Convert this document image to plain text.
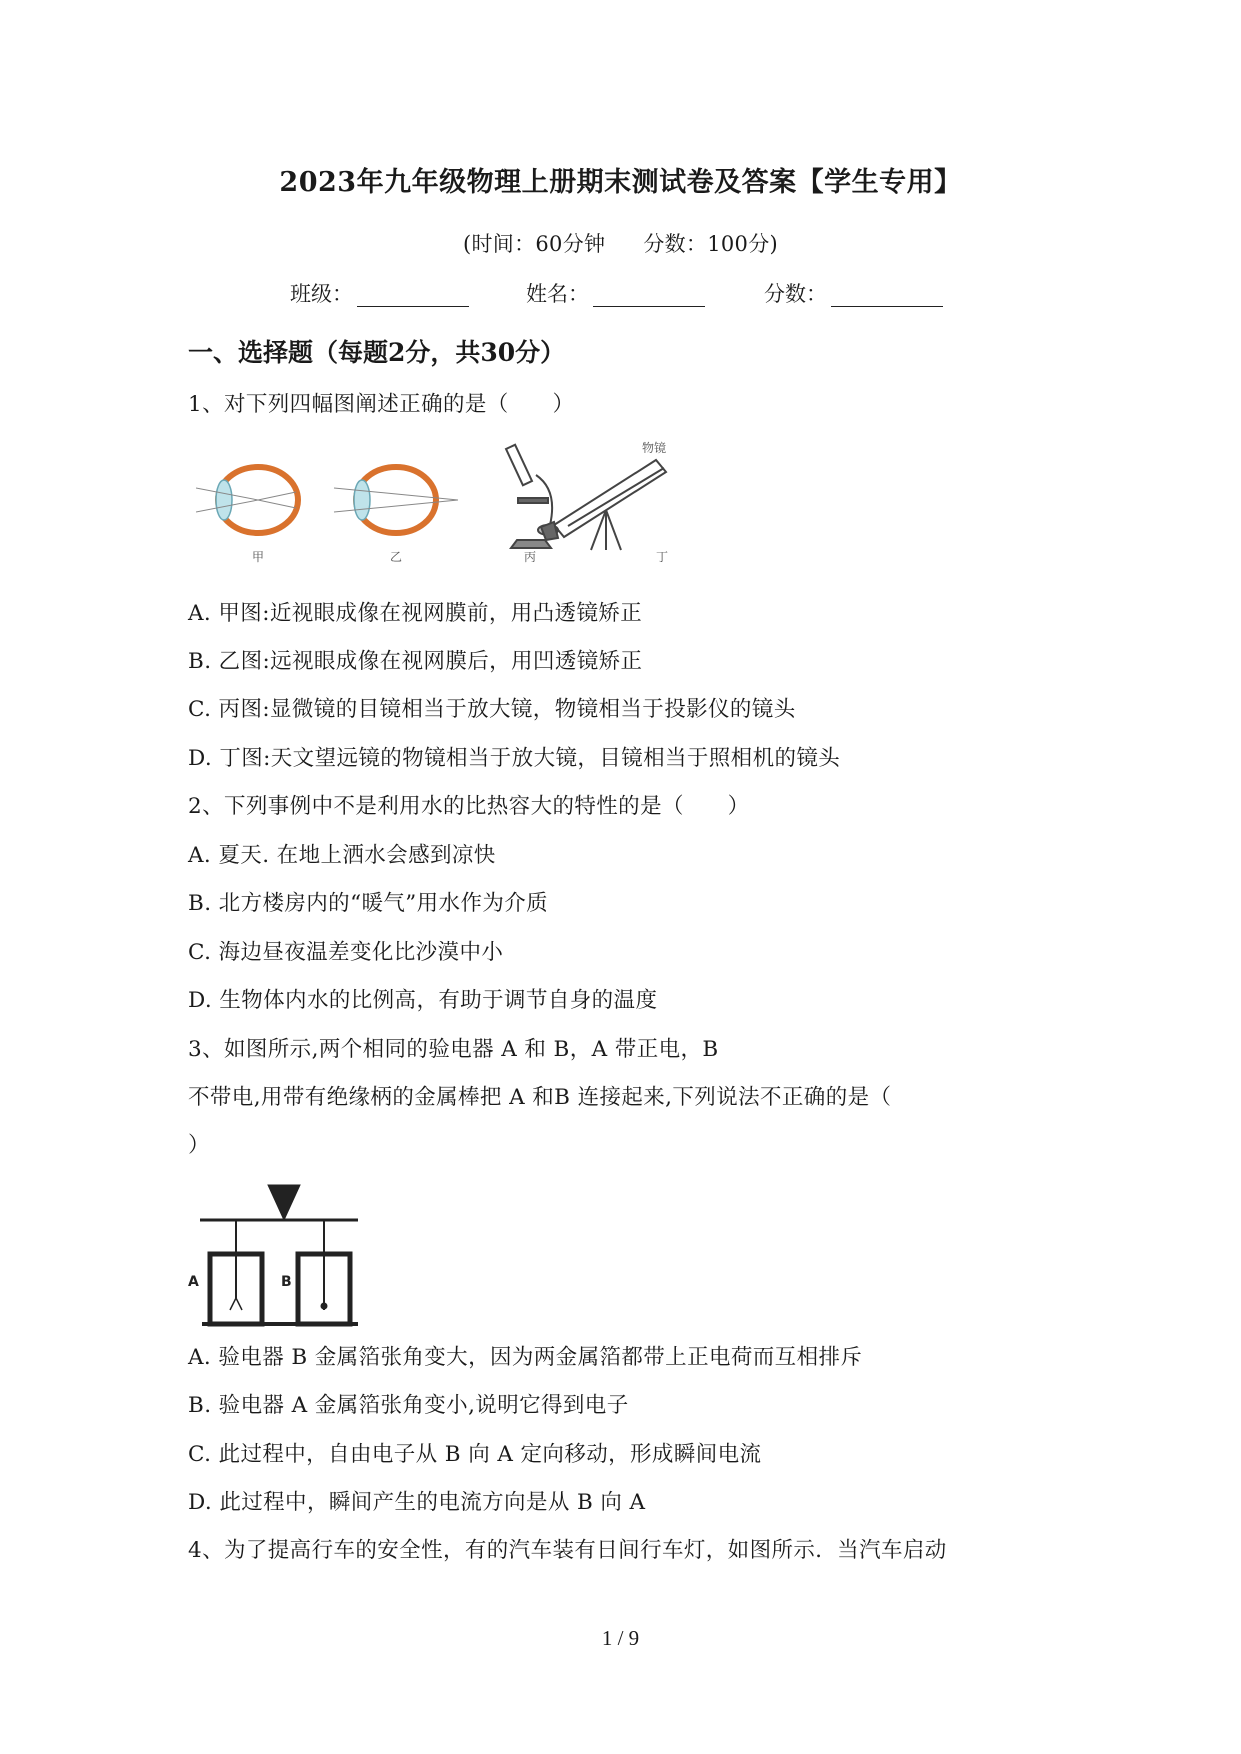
2023年九年级物理上册期末测试卷及答案【学生专用】
(时间：60分钟 分数：100分)
班级：	姓名：	分数：
一、选择题（每题2分，共30分）
1、对下列四幅图阐述正确的是（　　）
甲	乙	丙
物镜
丁
A. 甲图:近视眼成像在视网膜前，用凸透镜矫正
B. 乙图:远视眼成像在视网膜后，用凹透镜矫正
C. 丙图:显微镜的目镜相当于放大镜，物镜相当于投影仪的镜头
D. 丁图:天文望远镜的物镜相当于放大镜，目镜相当于照相机的镜头
2、下列事例中不是利用水的比热容大的特性的是（　　）
A. 夏天. 在地上洒水会感到凉快
B. 北方楼房内的“暖气”用水作为介质
C. 海边昼夜温差变化比沙漠中小
D. 生物体内水的比例高，有助于调节自身的温度
3、如图所示,两个相同的验电器 A 和 B，A 带正电，B
不带电,用带有绝缘柄的金属棒把 A 和B 连接起来,下列说法不正确的是（
）
A	B
A. 验电器 B 金属箔张角变大，因为两金属箔都带上正电荷而互相排斥
B. 验电器 A 金属箔张角变小,说明它得到电子
C. 此过程中，自由电子从 B 向 A 定向移动，形成瞬间电流
D. 此过程中，瞬间产生的电流方向是从 B 向 A
4、为了提高行车的安全性，有的汽车装有日间行车灯，如图所示．当汽车启动
1 / 9
